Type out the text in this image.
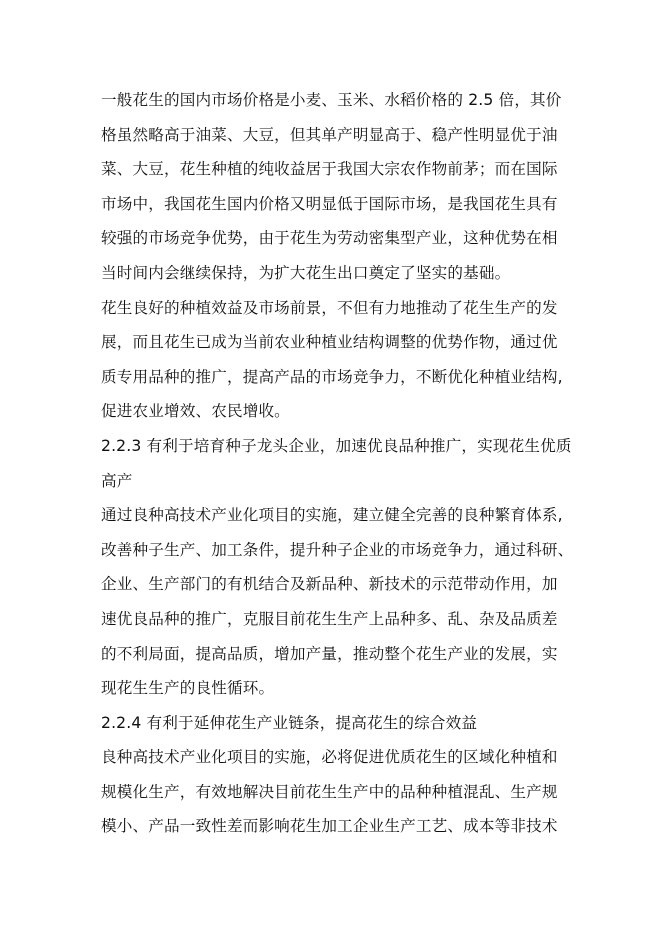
一般花生的国内市场价格是小麦、玉米、水稻价格的 2.5 倍，其价
格虽然略高于油菜、大豆，但其单产明显高于、稳产性明显优于油
菜、大豆，花生种植的纯收益居于我国大宗农作物前茅；而在国际
市场中，我国花生国内价格又明显低于国际市场，是我国花生具有
较强的市场竞争优势，由于花生为劳动密集型产业，这种优势在相
当时间内会继续保持，为扩大花生出口奠定了坚实的基础。
花生良好的种植效益及市场前景，不但有力地推动了花生生产的发
展，而且花生已成为当前农业种植业结构调整的优势作物，通过优
质专用品种的推广，提高产品的市场竞争力，不断优化种植业结构,
促进农业增效、农民增收。
2.2.3 有利于培育种子龙头企业，加速优良品种推广，实现花生优质
高产
通过良种高技术产业化项目的实施，建立健全完善的良种繁育体系,
改善种子生产、加工条件，提升种子企业的市场竞争力，通过科研、
企业、生产部门的有机结合及新品种、新技术的示范带动作用，加
速优良品种的推广，克服目前花生生产上品种多、乱、杂及品质差
的不利局面，提高品质，增加产量，推动整个花生产业的发展，实
现花生生产的良性循环。
2.2.4 有利于延伸花生产业链条，提高花生的综合效益
良种高技术产业化项目的实施，必将促进优质花生的区域化种植和
规模化生产，有效地解决目前花生生产中的品种种植混乱、生产规
模小、产品一致性差而影响花生加工企业生产工艺、成本等非技术
